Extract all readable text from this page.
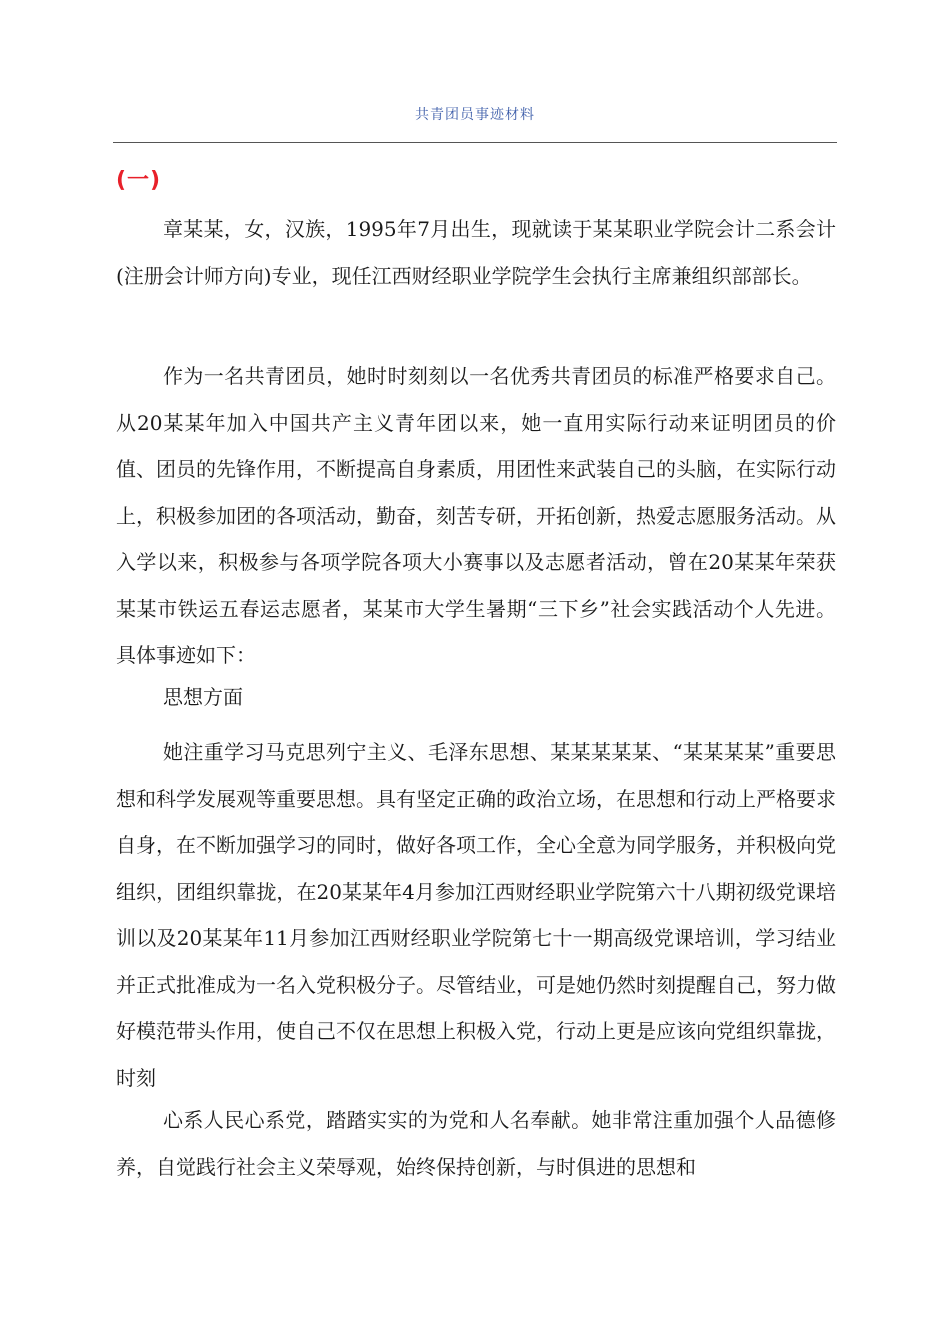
共青团员事迹材料
(一)

章某某，女，汉族，1995年7月出生，现就读于某某职业学院会计二系会计(注册会计师方向)专业，现任江西财经职业学院学生会执行主席兼组织部部长。

作为一名共青团员，她时时刻刻以一名优秀共青团员的标准严格要求自己。从20某某年加入中国共产主义青年团以来，她一直用实际行动来证明团员的价值、团员的先锋作用，不断提高自身素质，用团性来武装自己的头脑，在实际行动上，积极参加团的各项活动，勤奋，刻苦专研，开拓创新，热爱志愿服务活动。从入学以来，积极参与各项学院各项大小赛事以及志愿者活动，曾在20某某年荣获某某市铁运五春运志愿者，某某市大学生暑期“三下乡”社会实践活动个人先进。具体事迹如下：

思想方面

她注重学习马克思列宁主义、毛泽东思想、某某某某某、“某某某某”重要思想和科学发展观等重要思想。具有坚定正确的政治立场，在思想和行动上严格要求自身，在不断加强学习的同时，做好各项工作，全心全意为同学服务，并积极向党组织，团组织靠拢，在20某某年4月参加江西财经职业学院第六十八期初级党课培训以及20某某年11月参加江西财经职业学院第七十一期高级党课培训，学习结业并正式批准成为一名入党积极分子。尽管结业，可是她仍然时刻提醒自己，努力做好模范带头作用，使自己不仅在思想上积极入党，行动上更是应该向党组织靠拢，时刻

心系人民心系党，踏踏实实的为党和人名奉献。她非常注重加强个人品德修养，自觉践行社会主义荣辱观，始终保持创新，与时俱进的思想和
